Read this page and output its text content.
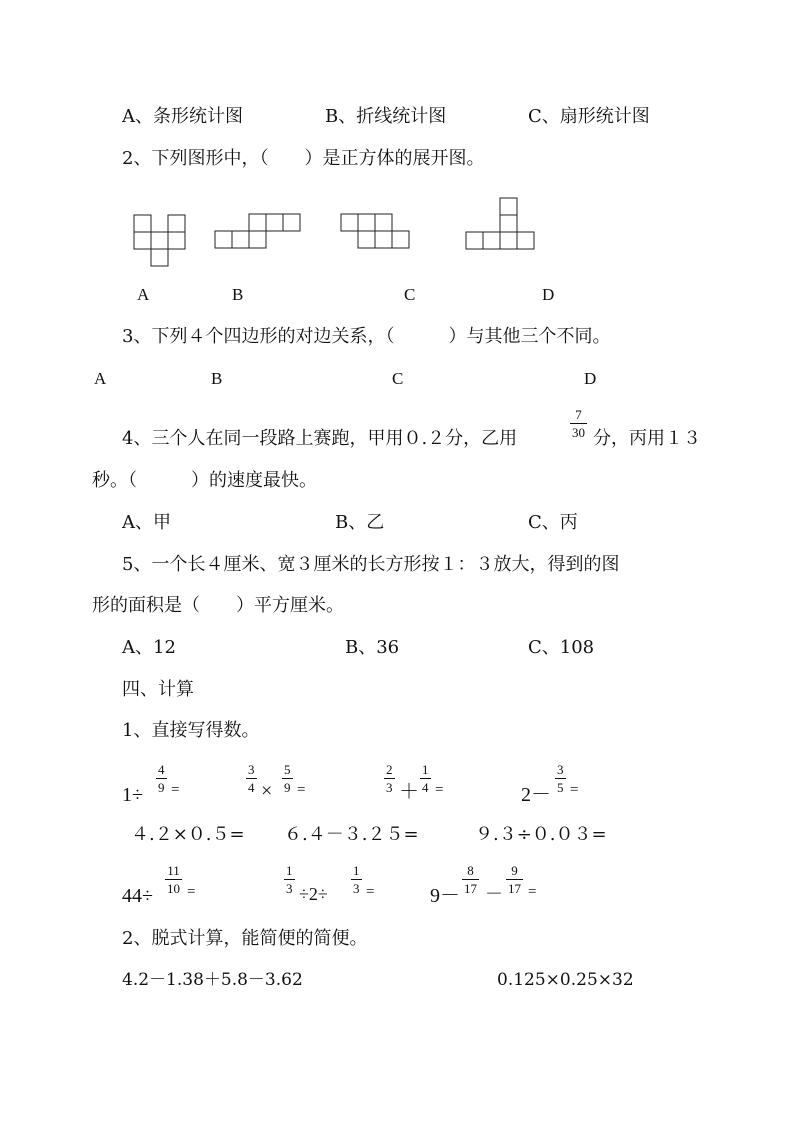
A、条形统计图	B、折线统计图	C、扇形统计图
2、下列图形中，（　　）是正方体的展开图。
A	B	C	D
3、下列４个四边形的对边关系，（　　　）与其他三个不同。
A	B	C	D
4、三个人在同一段路上赛跑，甲用０.２分，乙用
7
30 分，丙用１３
秒。（　　　）的速度最快。
A、甲	B、乙	C、丙
5、一个长４厘米、宽３厘米的长方形按１：３放大，得到的图
形的面积是（　　）平方厘米。
A、12	B、36	C、108
四、计算
1、直接写得数。
1÷
4
9 =
3
4 ×
5
9 =
2
3 ＋
1
4 =	2－
3
5 =
４.２×０.５= ６.４－３.２５=	９.３÷０.０３=
44÷
11
10 =
1
3 ÷2÷
1
3 =	9－
8
17 －
9
17 =
2、脱式计算，能简便的简便。
4.2－1.38＋5.8－3.62	0.125×0.25×32
